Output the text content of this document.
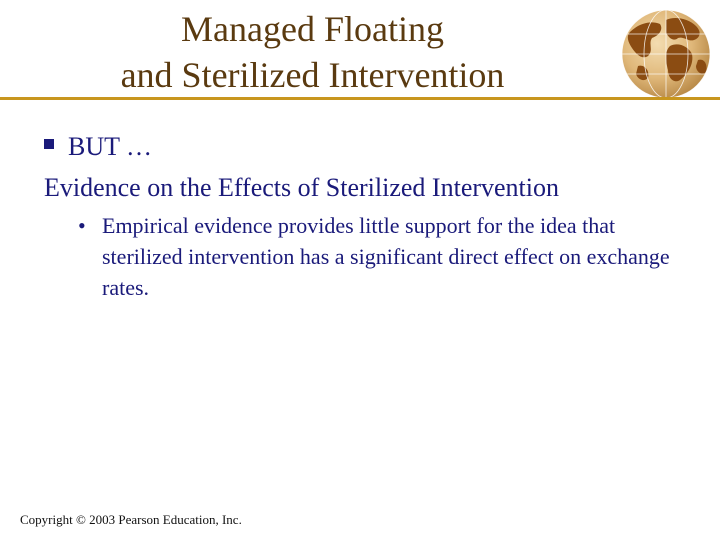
Managed Floating
and Sterilized Intervention
BUT …
Evidence on the Effects of Sterilized Intervention
• Empirical evidence provides little support for the idea that sterilized intervention has a significant direct effect on exchange rates.
Copyright © 2003 Pearson Education, Inc.
